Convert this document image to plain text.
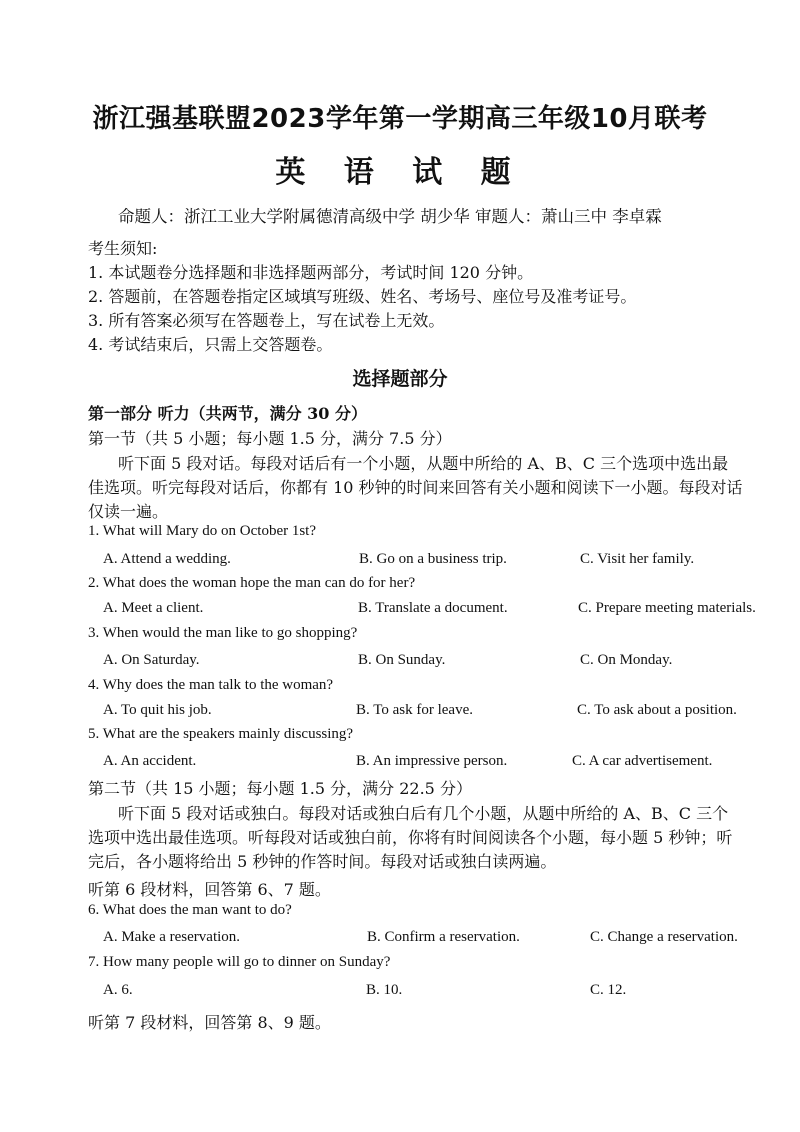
浙江强基联盟2023学年第一学期高三年级10月联考
英 语 试 题
命题人：浙江工业大学附属德清高级中学 胡少华 审题人：萧山三中 李卓霖
考生须知:
1. 本试题卷分选择题和非选择题两部分，考试时间 120 分钟。
2. 答题前，在答题卷指定区域填写班级、姓名、考场号、座位号及准考证号。
3. 所有答案必须写在答题卷上，写在试卷上无效。
4. 考试结束后，只需上交答题卷。
选择题部分
第一部分 听力（共两节，满分 30 分）
第一节（共 5 小题；每小题 1.5 分，满分 7.5 分）
听下面 5 段对话。每段对话后有一个小题，从题中所给的 A、B、C 三个选项中选出最
佳选项。听完每段对话后，你都有 10 秒钟的时间来回答有关小题和阅读下一小题。每段对话
仅读一遍。
1. What will Mary do on October 1st?
A. Attend a wedding.	B. Go on a business trip.	C. Visit her family.
2. What does the woman hope the man can do for her?
A. Meet a client.	B. Translate a document.	C. Prepare meeting materials.
3. When would the man like to go shopping?
A. On Saturday.	B. On Sunday.	C. On Monday.
4. Why does the man talk to the woman?
A. To quit his job.	B. To ask for leave.	C. To ask about a position.
5. What are the speakers mainly discussing?
A. An accident.	B. An impressive person.	C. A car advertisement.
第二节（共 15 小题；每小题 1.5 分，满分 22.5 分）
听下面 5 段对话或独白。每段对话或独白后有几个小题，从题中所给的 A、B、C 三个
选项中选出最佳选项。听每段对话或独白前，你将有时间阅读各个小题，每小题 5 秒钟；听
完后，各小题将给出 5 秒钟的作答时间。每段对话或独白读两遍。
听第 6 段材料，回答第 6、7 题。
6. What does the man want to do?
A. Make a reservation.	B. Confirm a reservation.	C. Change a reservation.
7. How many people will go to dinner on Sunday?
A. 6.	B. 10.	C. 12.
听第 7 段材料，回答第 8、9 题。
